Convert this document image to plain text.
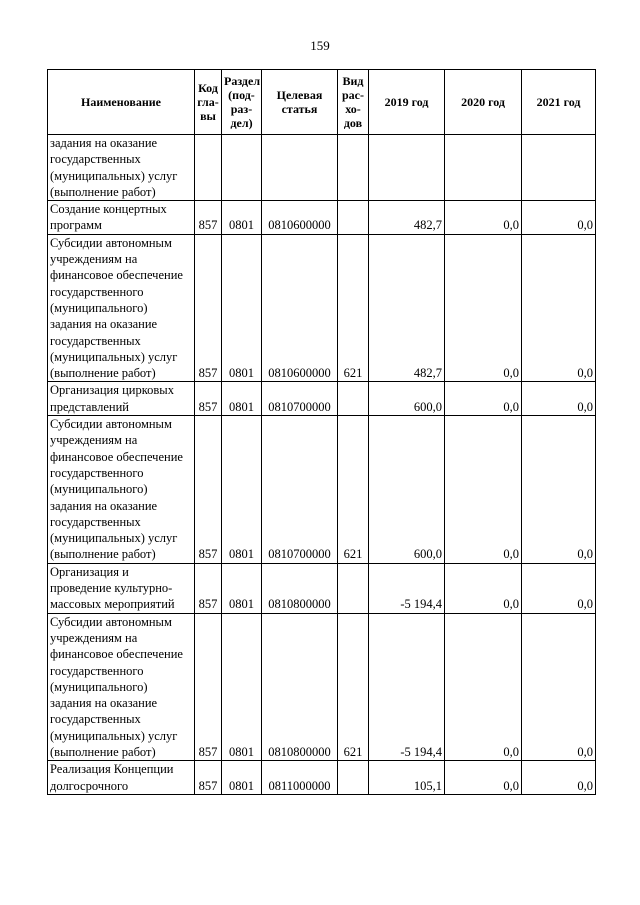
159
Наименование	Код гла-вы	Раздел (под-раз-дел)	Целевая статья	Вид рас-хо-дов	2019 год	2020 год	2021 год
задания на оказание государственных (муниципальных) услуг (выполнение работ)							
Создание концертных программ	857	0801	0810600000		482,7	0,0	0,0
Субсидии автономным учреждениям на финансовое обеспечение государственного (муниципального) задания на оказание государственных (муниципальных) услуг (выполнение работ)	857	0801	0810600000	621	482,7	0,0	0,0
Организация цирковых представлений	857	0801	0810700000		600,0	0,0	0,0
Субсидии автономным учреждениям на финансовое обеспечение государственного (муниципального) задания на оказание государственных (муниципальных) услуг (выполнение работ)	857	0801	0810700000	621	600,0	0,0	0,0
Организация и проведение культурно-массовых мероприятий	857	0801	0810800000		-5 194,4	0,0	0,0
Субсидии автономным учреждениям на финансовое обеспечение государственного (муниципального) задания на оказание государственных (муниципальных) услуг (выполнение работ)	857	0801	0810800000	621	-5 194,4	0,0	0,0
Реализация Концепции долгосрочного	857	0801	0811000000		105,1	0,0	0,0
